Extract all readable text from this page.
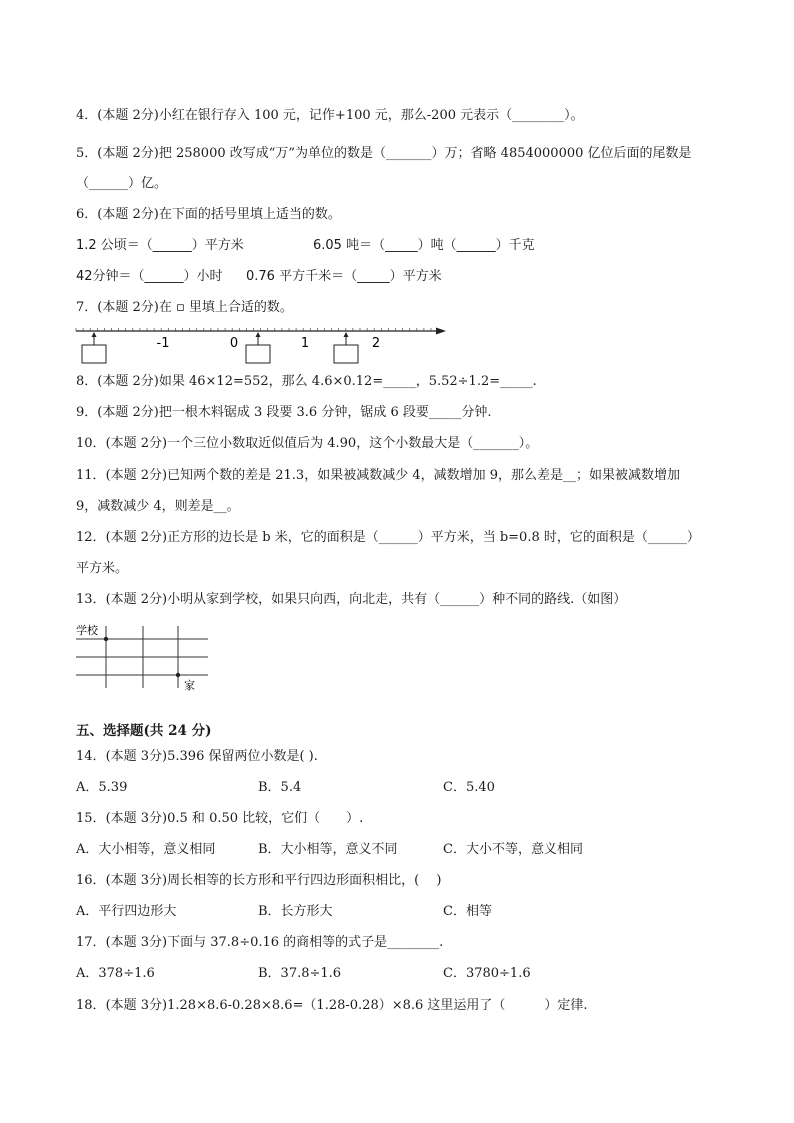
4．(本题 2分)小红在银行存入 100 元，记作+100 元，那么-200 元表示（________）。
5．(本题 2分)把 258000 改写成“万”为单位的数是（_______）万；省略 4854000000 亿位后面的尾数是
（______）亿。
6．(本题 2分)在下面的括号里填上适当的数。
1.2 公顷＝（______）平方米	6.05 吨＝（_____）吨（______）千克
42分钟＝（______）小时 0.76 平方千米＝（_____）平方米
7．(本题 2分)在 ▫ 里填上合适的数。
-1	0	1	2
8．(本题 2分)如果 46×12=552，那么 4.6×0.12=_____，5.52÷1.2=_____.
9．(本题 2分)把一根木料锯成 3 段要 3.6 分钟，锯成 6 段要_____分钟.
10．(本题 2分)一个三位小数取近似值后为 4.90，这个小数最大是（_______）。
11．(本题 2分)已知两个数的差是 21.3，如果被减数减少 4，减数增加 9，那么差是__；如果被减数增加
9，减数减少 4，则差是__。
12．(本题 2分)正方形的边长是 b 米，它的面积是（______）平方米，当 b=0.8 时，它的面积是（______）
平方米。
13．(本题 2分)小明从家到学校，如果只向西，向北走，共有（______）种不同的路线.（如图）
学校
家
五、选择题(共 24 分)
14．(本题 3分)5.396 保留两位小数是( ).
A．5.39	B．5.4	C．5.40
15．(本题 3分)0.5 和 0.50 比较，它们（　　）.
A．大小相等，意义相同	B．大小相等，意义不同	C．大小不等，意义相同
16．(本题 3分)周长相等的长方形和平行四边形面积相比，(　 )
A．平行四边形大	B．长方形大	C．相等
17．(本题 3分)下面与 37.8÷0.16 的商相等的式子是________.
A．378÷1.6	B．37.8÷1.6	C．3780÷1.6
18．(本题 3分)1.28×8.6-0.28×8.6=（1.28-0.28）×8.6 这里运用了（　　　）定律.
